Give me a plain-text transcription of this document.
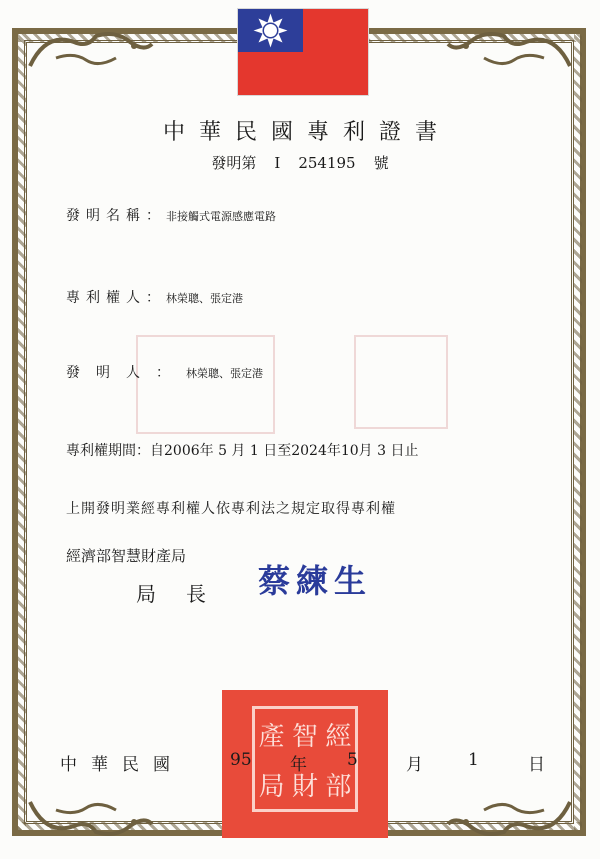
中華民國專利證書
發明第 I 254195 號
發明名稱：非接觸式電源感應電路
專利權人：林榮聰、張定港
發明人：林榮聰、張定港
專利權期間：自2006年 5 月 1 日至2024年10月 3 日止
上開發明業經專利權人依專利法之規定取得專利權
經濟部智慧財產局
局 長	蔡練生
產 智 經
局 財 部
中華民國	95 年 5	月	1	日
